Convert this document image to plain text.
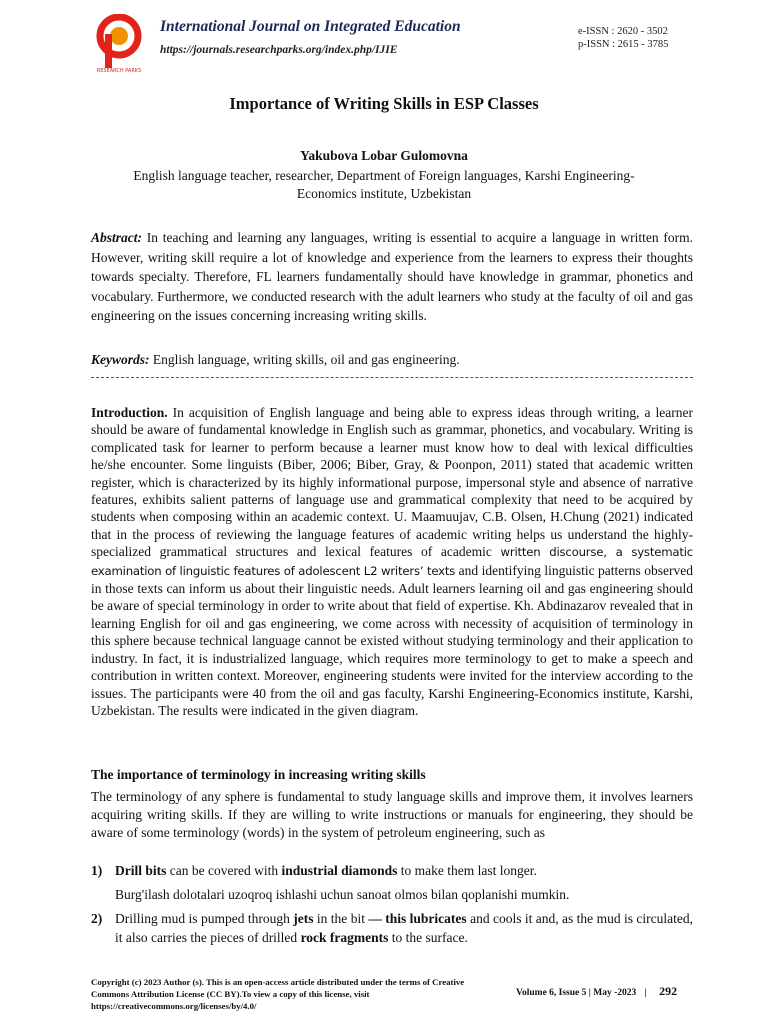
RESEARCH PARKS
International Journal on Integrated Education
https://journals.researchparks.org/index.php/IJIE
e-ISSN : 2620 - 3502
p-ISSN : 2615 - 3785
Importance of Writing Skills in ESP Classes
Yakubova Lobar Gulomovna
English language teacher, researcher, Department of Foreign languages, Karshi Engineering-Economics institute, Uzbekistan
Abstract: In teaching and learning any languages, writing is essential to acquire a language in written form. However, writing skill require a lot of knowledge and experience from the learners to express their thoughts towards specialty. Therefore, FL learners fundamentally should have knowledge in grammar, phonetics and vocabulary. Furthermore, we conducted research with the adult learners who study at the faculty of oil and gas engineering on the issues concerning increasing writing skills.
Keywords: English language, writing skills, oil and gas engineering.
Introduction. In acquisition of English language and being able to express ideas through writing, a learner should be aware of fundamental knowledge in English such as grammar, phonetics, and vocabulary. Writing is complicated task for learner to perform because a learner must know how to deal with lexical difficulties he/she encounter. Some linguists (Biber, 2006; Biber, Gray, & Poonpon, 2011) stated that academic written register, which is characterized by its highly informational purpose, impersonal style and absence of narrative features, exhibits salient patterns of language use and grammatical complexity that need to be acquired by students when composing within an academic context. U. Maamuujav, C.B. Olsen, H.Chung (2021) indicated that in the process of reviewing the language features of academic writing helps us understand the highly-specialized grammatical structures and lexical features of academic written discourse, a systematic examination of linguistic features of adolescent L2 writers’ texts and identifying linguistic patterns observed in those texts can inform us about their linguistic needs. Adult learners learning oil and gas engineering should be aware of special terminology in order to write about that field of expertise. Kh. Abdinazarov revealed that in learning English for oil and gas engineering, we come across with necessity of acquisition of terminology in this sphere because technical language cannot be existed without studying terminology and their application to industry. In fact, it is industrialized language, which requires more terminology to get to make a speech and contribution in written context. Moreover, engineering students were invited for the interview according to the issues. The participants were 40 from the oil and gas faculty, Karshi Engineering-Economics institute, Karshi, Uzbekistan. The results were indicated in the given diagram.
The importance of terminology in increasing writing skills
The terminology of any sphere is fundamental to study language skills and improve them, it involves learners acquiring writing skills. If they are willing to write instructions or manuals for engineering, they should be aware of some terminology (words) in the system of petroleum engineering, such as
1) Drill bits can be covered with industrial diamonds to make them last longer.
Burg'ilash dolotalari uzoqroq ishlashi uchun sanoat olmos bilan qoplanishi mumkin.
2) Drilling mud is pumped through jets in the bit — this lubricates and cools it and, as the mud is circulated, it also carries the pieces of drilled rock fragments to the surface.
Copyright (c) 2023 Author (s). This is an open-access article distributed under the terms of Creative Commons Attribution License (CC BY).To view a copy of this license, visit https://creativecommons.org/licenses/by/4.0/
Volume 6, Issue 5 | May -2023 | 292
